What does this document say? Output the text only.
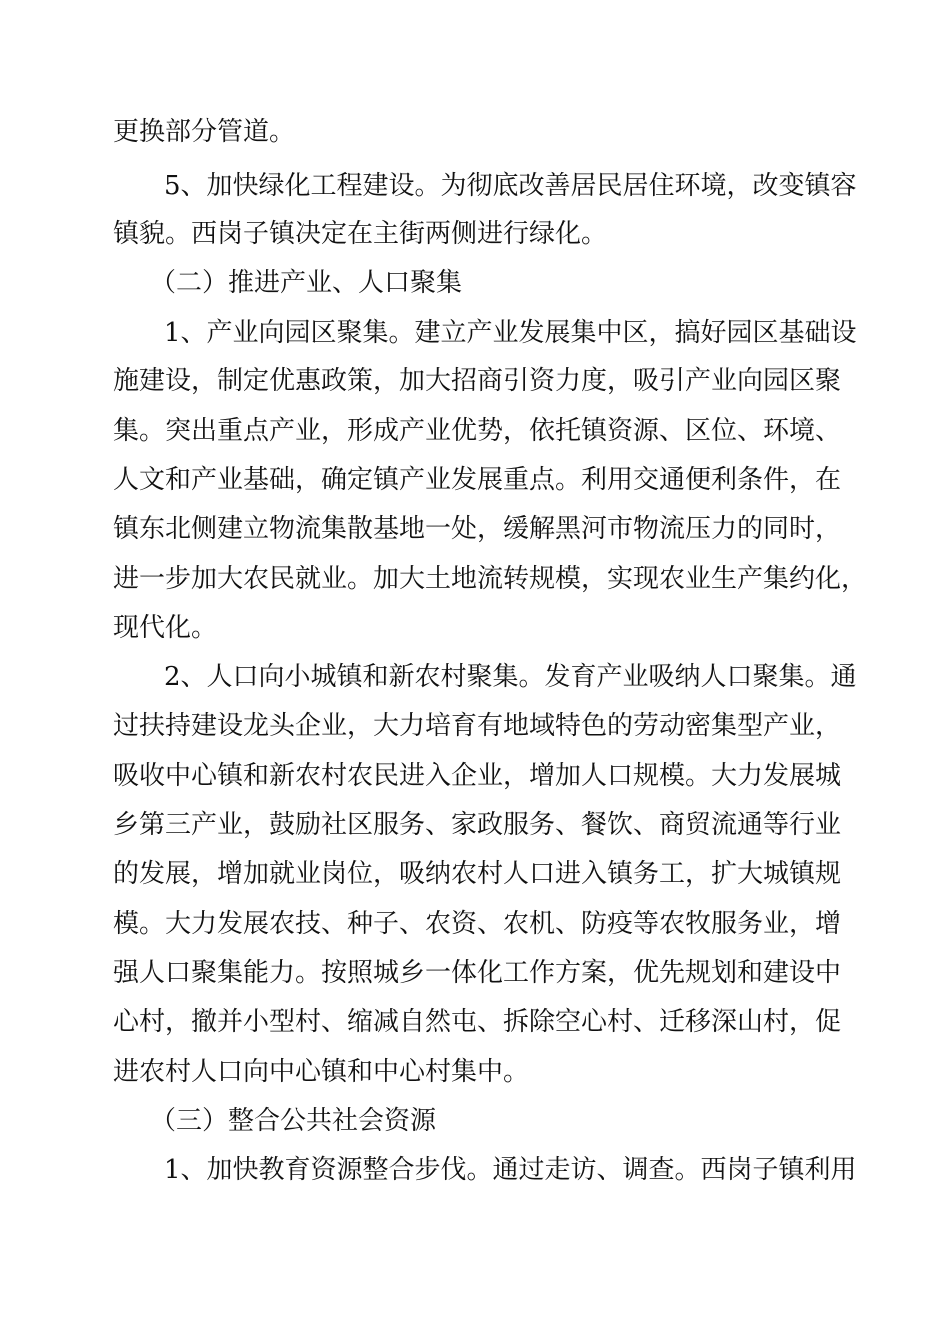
更换部分管道。
5、加快绿化工程建设。为彻底改善居民居住环境，改变镇容
镇貌。西岗子镇决定在主街两侧进行绿化。
（二）推进产业、人口聚集
1、产业向园区聚集。建立产业发展集中区，搞好园区基础设
施建设，制定优惠政策，加大招商引资力度，吸引产业向园区聚
集。突出重点产业，形成产业优势，依托镇资源、区位、环境、
人文和产业基础，确定镇产业发展重点。利用交通便利条件，在
镇东北侧建立物流集散基地一处，缓解黑河市物流压力的同时，
进一步加大农民就业。加大土地流转规模，实现农业生产集约化，
现代化。
2、人口向小城镇和新农村聚集。发育产业吸纳人口聚集。通
过扶持建设龙头企业，大力培育有地域特色的劳动密集型产业，
吸收中心镇和新农村农民进入企业，增加人口规模。大力发展城
乡第三产业，鼓励社区服务、家政服务、餐饮、商贸流通等行业
的发展，增加就业岗位，吸纳农村人口进入镇务工，扩大城镇规
模。大力发展农技、种子、农资、农机、防疫等农牧服务业，增
强人口聚集能力。按照城乡一体化工作方案，优先规划和建设中
心村，撤并小型村、缩减自然屯、拆除空心村、迁移深山村，促
进农村人口向中心镇和中心村集中。
（三）整合公共社会资源
1、加快教育资源整合步伐。通过走访、调查。西岗子镇利用
